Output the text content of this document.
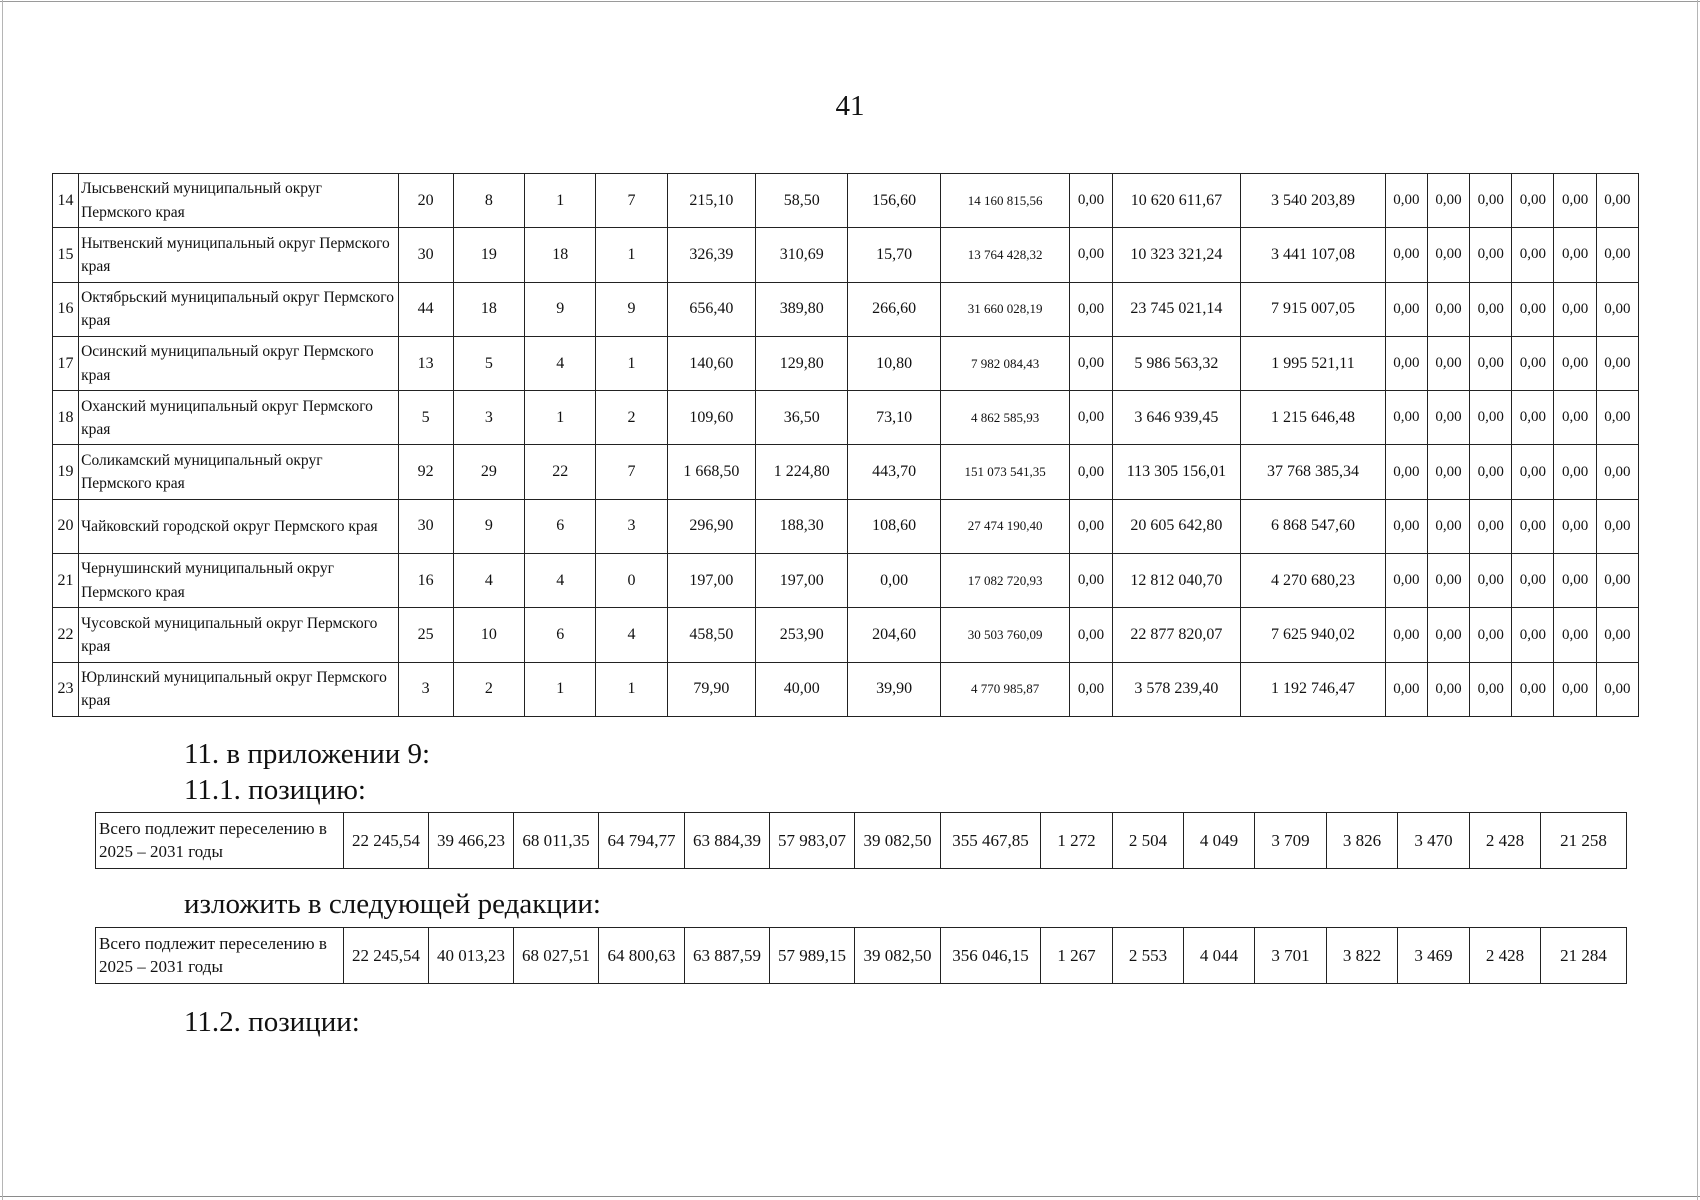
41
14	Лысьвенский муниципальный округ Пермского края	20	8	1	7	215,10	58,50	156,60	14 160 815,56	0,00	10 620 611,67	3 540 203,89	0,00	0,00	0,00	0,00	0,00	0,00
15	Нытвенский муниципальный округ Пермского края	30	19	18	1	326,39	310,69	15,70	13 764 428,32	0,00	10 323 321,24	3 441 107,08	0,00	0,00	0,00	0,00	0,00	0,00
16	Октябрьский муниципальный округ Пермского края	44	18	9	9	656,40	389,80	266,60	31 660 028,19	0,00	23 745 021,14	7 915 007,05	0,00	0,00	0,00	0,00	0,00	0,00
17	Осинский муниципальный округ Пермского края	13	5	4	1	140,60	129,80	10,80	7 982 084,43	0,00	5 986 563,32	1 995 521,11	0,00	0,00	0,00	0,00	0,00	0,00
18	Оханский муниципальный округ Пермского края	5	3	1	2	109,60	36,50	73,10	4 862 585,93	0,00	3 646 939,45	1 215 646,48	0,00	0,00	0,00	0,00	0,00	0,00
19	Соликамский муниципальный округ Пермского края	92	29	22	7	1 668,50	1 224,80	443,70	151 073 541,35	0,00	113 305 156,01	37 768 385,34	0,00	0,00	0,00	0,00	0,00	0,00
20	Чайковский городской округ Пермского края	30	9	6	3	296,90	188,30	108,60	27 474 190,40	0,00	20 605 642,80	6 868 547,60	0,00	0,00	0,00	0,00	0,00	0,00
21	Чернушинский муниципальный округ Пермского края	16	4	4	0	197,00	197,00	0,00	17 082 720,93	0,00	12 812 040,70	4 270 680,23	0,00	0,00	0,00	0,00	0,00	0,00
22	Чусовской муниципальный округ Пермского края	25	10	6	4	458,50	253,90	204,60	30 503 760,09	0,00	22 877 820,07	7 625 940,02	0,00	0,00	0,00	0,00	0,00	0,00
23	Юрлинский муниципальный округ Пермского края	3	2	1	1	79,90	40,00	39,90	4 770 985,87	0,00	3 578 239,40	1 192 746,47	0,00	0,00	0,00	0,00	0,00	0,00
11. в приложении 9:
11.1. позицию:
Всего подлежит переселению в 2025 – 2031 годы	22 245,54	39 466,23	68 011,35	64 794,77	63 884,39	57 983,07	39 082,50	355 467,85	1 272	2 504	4 049	3 709	3 826	3 470	2 428	21 258
изложить в следующей редакции:
Всего подлежит переселению в 2025 – 2031 годы	22 245,54	40 013,23	68 027,51	64 800,63	63 887,59	57 989,15	39 082,50	356 046,15	1 267	2 553	4 044	3 701	3 822	3 469	2 428	21 284
11.2. позиции:
